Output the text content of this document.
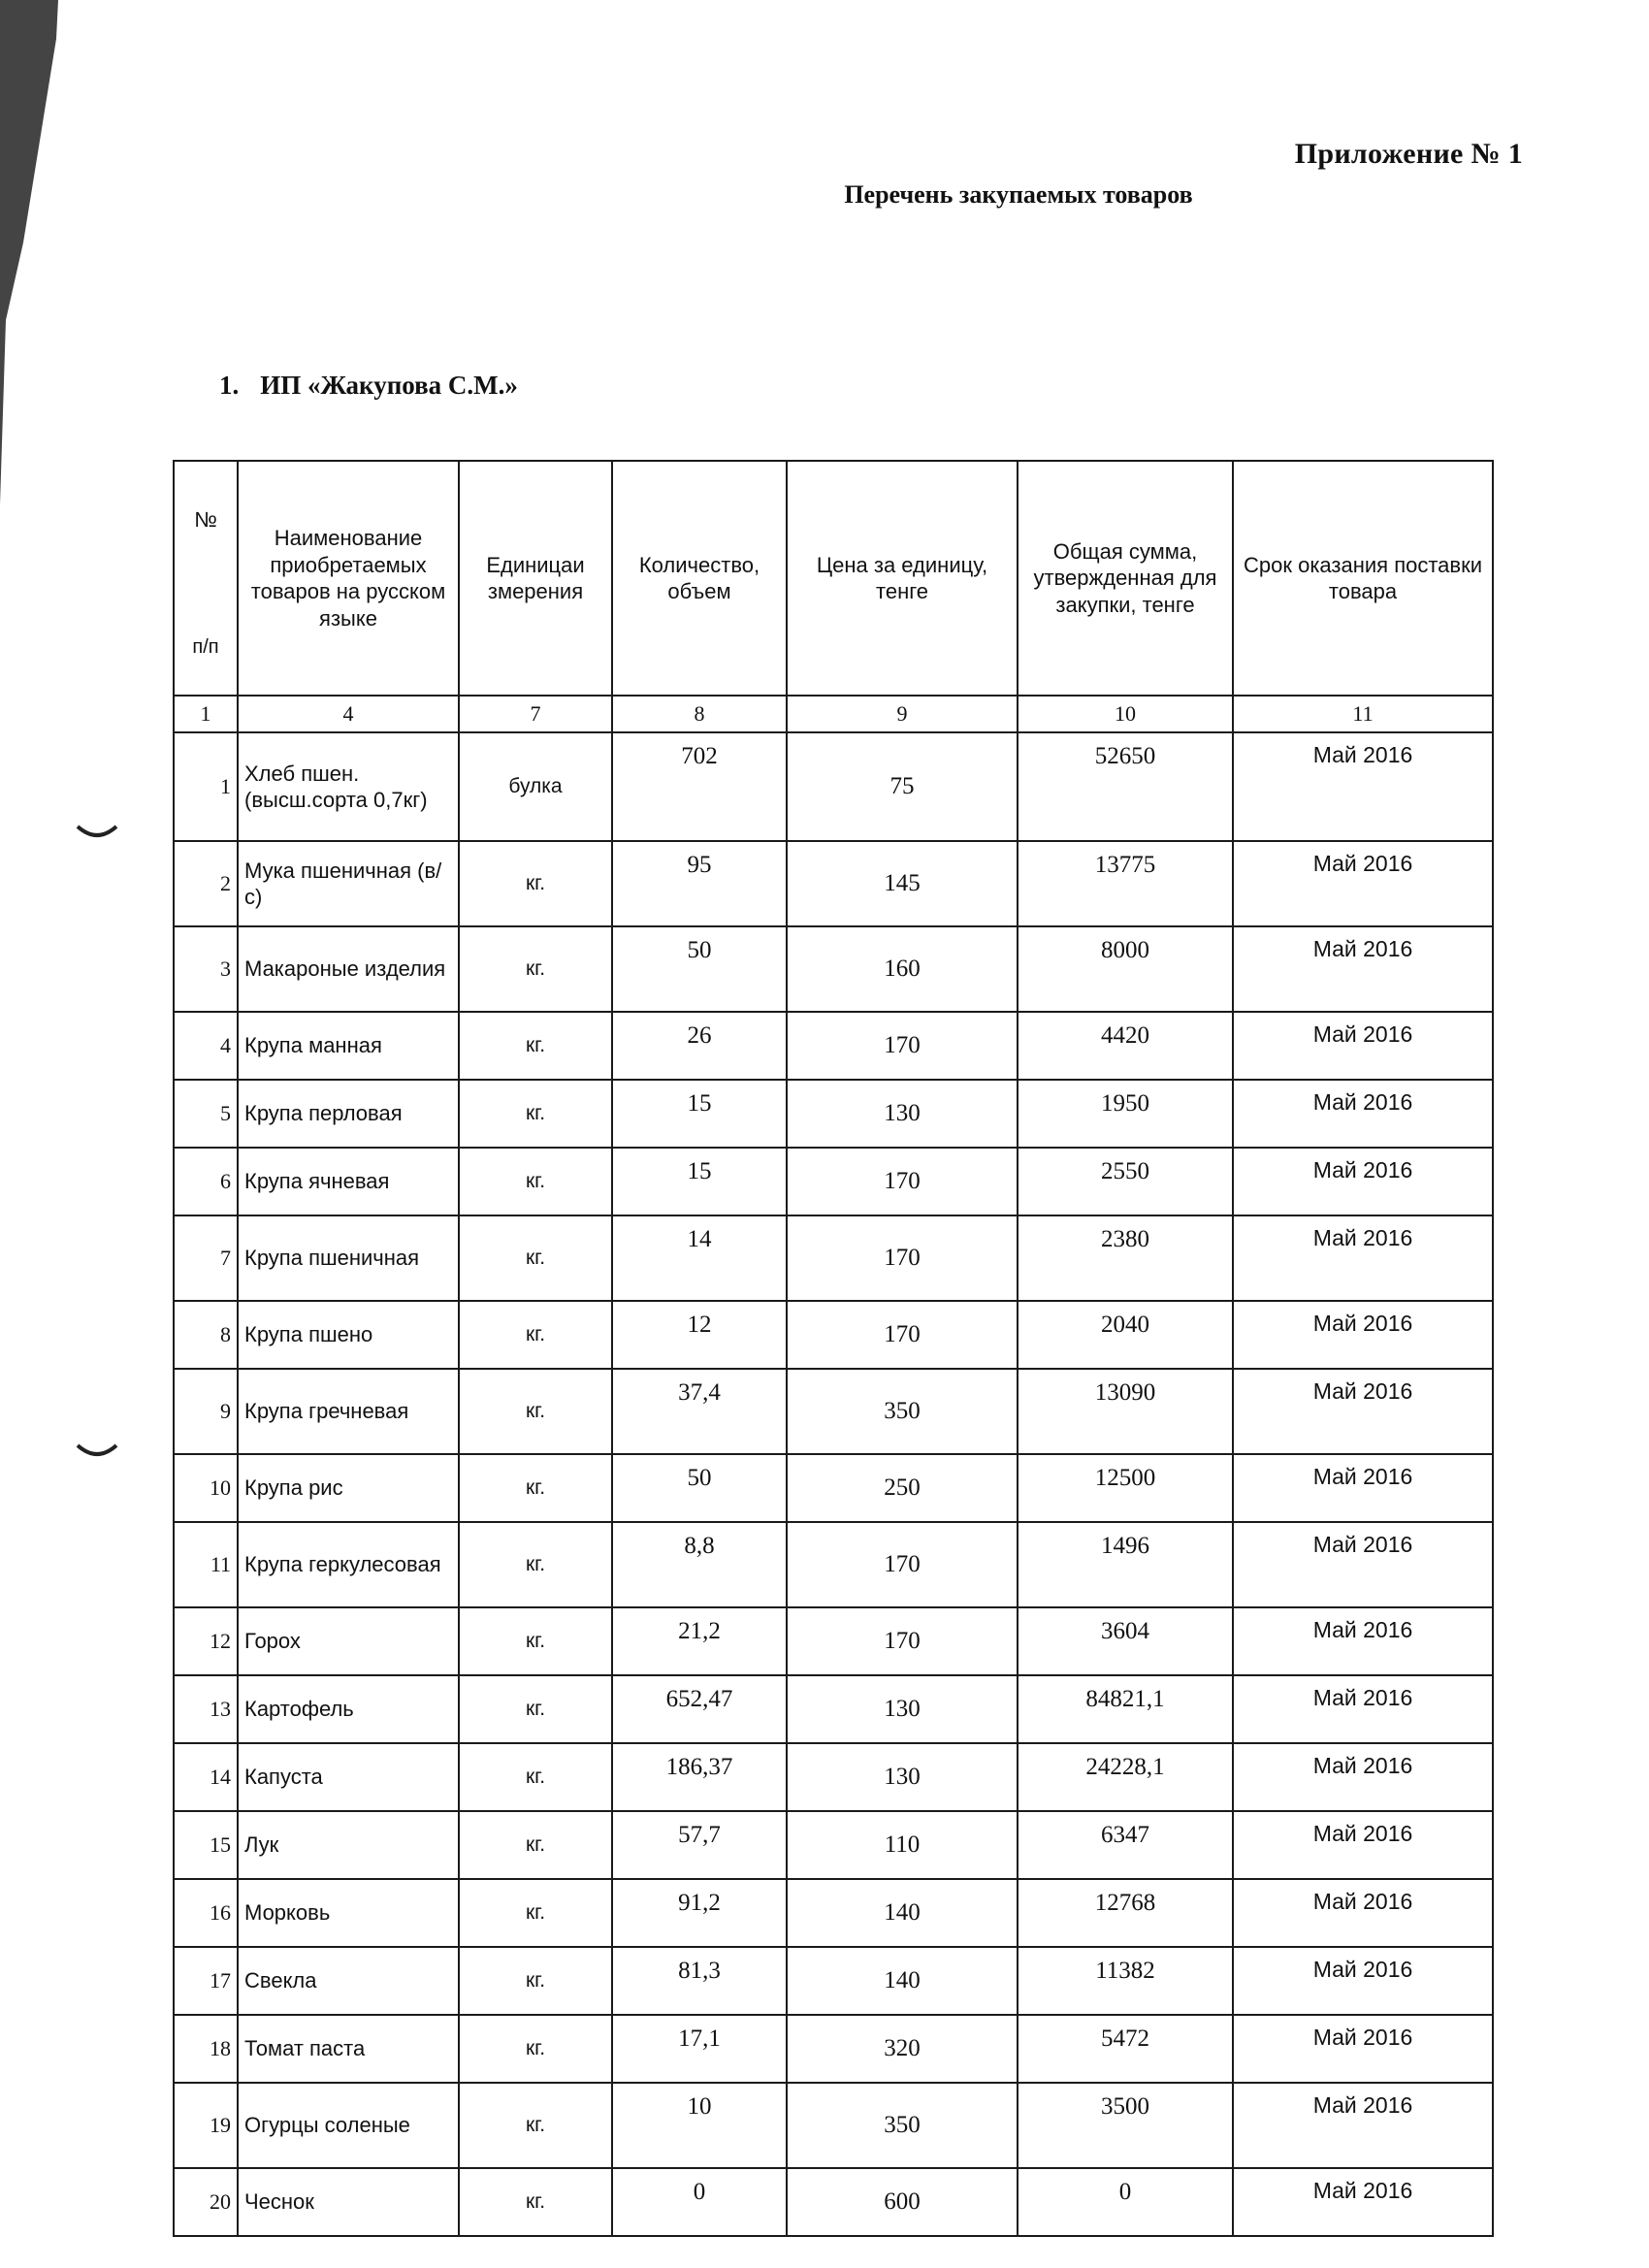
Приложение № 1
Перечень закупаемых товаров
1. ИП «Жакупова С.М.»
№
п/п	Наименование приобретаемых товаров на русском языке	Единицаи змерения	Количество, объем	Цена за единицу, тенге	Общая сумма, утвержденная для закупки, тенге	Срок оказания поставки товара
1	4	7	8	9	10	11
1	Хлеб пшен. (высш.сорта 0,7кг)	булка	702	75	52650	Май 2016
2	Мука пшеничная (в/с)	кг.	95	145	13775	Май 2016
3	Макароные изделия	кг.	50	160	8000	Май 2016
4	Крупа манная	кг.	26	170	4420	Май 2016
5	Крупа перловая	кг.	15	130	1950	Май 2016
6	Крупа ячневая	кг.	15	170	2550	Май 2016
7	Крупа пшеничная	кг.	14	170	2380	Май 2016
8	Крупа пшено	кг.	12	170	2040	Май 2016
9	Крупа гречневая	кг.	37,4	350	13090	Май 2016
10	Крупа рис	кг.	50	250	12500	Май 2016
11	Крупа геркулесовая	кг.	8,8	170	1496	Май 2016
12	Горох	кг.	21,2	170	3604	Май 2016
13	Картофель	кг.	652,47	130	84821,1	Май 2016
14	Капуста	кг.	186,37	130	24228,1	Май 2016
15	Лук	кг.	57,7	110	6347	Май 2016
16	Морковь	кг.	91,2	140	12768	Май 2016
17	Свекла	кг.	81,3	140	11382	Май 2016
18	Томат паста	кг.	17,1	320	5472	Май 2016
19	Огурцы соленые	кг.	10	350	3500	Май 2016
20	Чеснок	кг.	0	600	0	Май 2016
